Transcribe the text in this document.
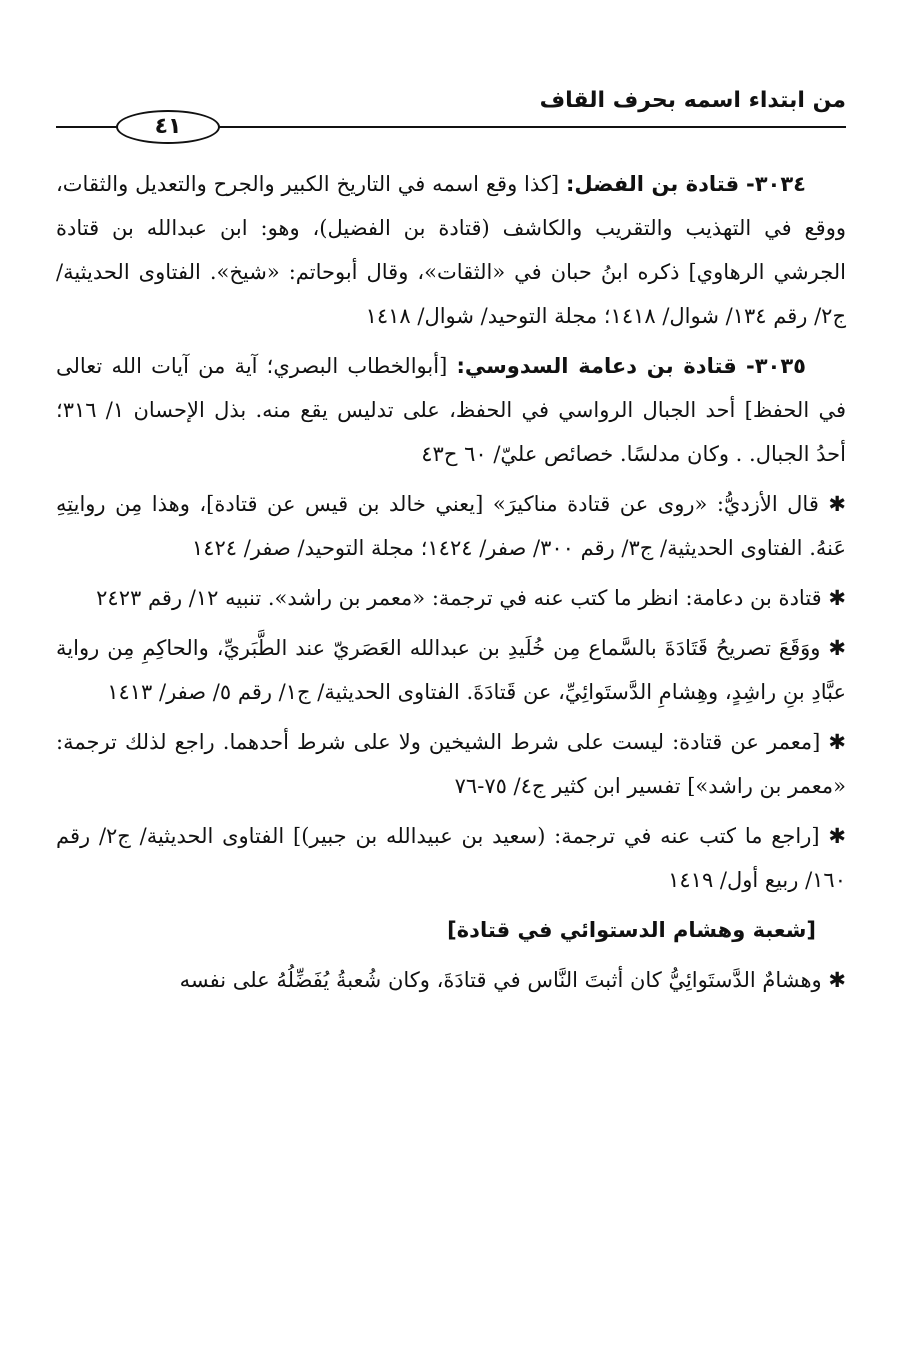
من ابتداء اسمه بحرف القاف
٤١

٣٠٣٤- قتادة بن الفضل: [كذا وقع اسمه في التاريخ الكبير والجرح والتعديل والثقات، ووقع في التهذيب والتقريب والكاشف (قتادة بن الفضيل)، وهو: ابن عبدالله بن قتادة الجرشي الرهاوي] ذكره ابنُ حبان في «الثقات»، وقال أبوحاتم: «شيخ». الفتاوى الحديثية/ ج٢/ رقم ١٣٤/ شوال/ ١٤١٨؛ مجلة التوحيد/ شوال/ ١٤١٨

٣٠٣٥- قتادة بن دعامة السدوسي: [أبوالخطاب البصري؛ آية من آيات الله تعالى في الحفظ] أحد الجبال الرواسي في الحفظ، على تدليس يقع منه. بذل الإحسان ١/ ٣١٦؛ أحدُ الجبال. . وكان مدلسًا. خصائص عليّ/ ٦٠ ح٤٣

✱ قال الأزديُّ: «روى عن قتادة مناكيرَ» [يعني خالد بن قيس عن قتادة]، وهذا مِن روايتِهِ عَنهُ. الفتاوى الحديثية/ ج٣/ رقم ٣٠٠/ صفر/ ١٤٢٤؛ مجلة التوحيد/ صفر/ ١٤٢٤

✱ قتادة بن دعامة: انظر ما كتب عنه في ترجمة: «معمر بن راشد». تنبيه ١٢/ رقم ٢٤٢٣

✱ ووَقَعَ تصريحُ قَتَادَةَ بالسَّماع مِن خُلَيدِ بن عبدالله العَصَريّ عند الطَّبَريِّ، والحاكِمِ مِن رواية عبَّادِ بنِ راشِدٍ، وهِشامِ الدَّستَوائِيِّ، عن قَتادَةَ. الفتاوى الحديثية/ ج١/ رقم ٥/ صفر/ ١٤١٣

✱ [معمر عن قتادة: ليست على شرط الشيخين ولا على شرط أحدهما. راجع لذلك ترجمة: «معمر بن راشد»] تفسير ابن كثير ج٤/ ٧٥-٧٦

✱ [راجع ما كتب عنه في ترجمة: (سعيد بن عبيدالله بن جبير)] الفتاوى الحديثية/ ج٢/ رقم ١٦٠/ ربيع أول/ ١٤١٩

[شعبة وهشام الدستوائي في قتادة]

✱ وهشامٌ الدَّستَوائِيُّ كان أثبتَ النَّاس في قتادَةَ، وكان شُعبةُ يُفَضِّلُهُ على نفسه
